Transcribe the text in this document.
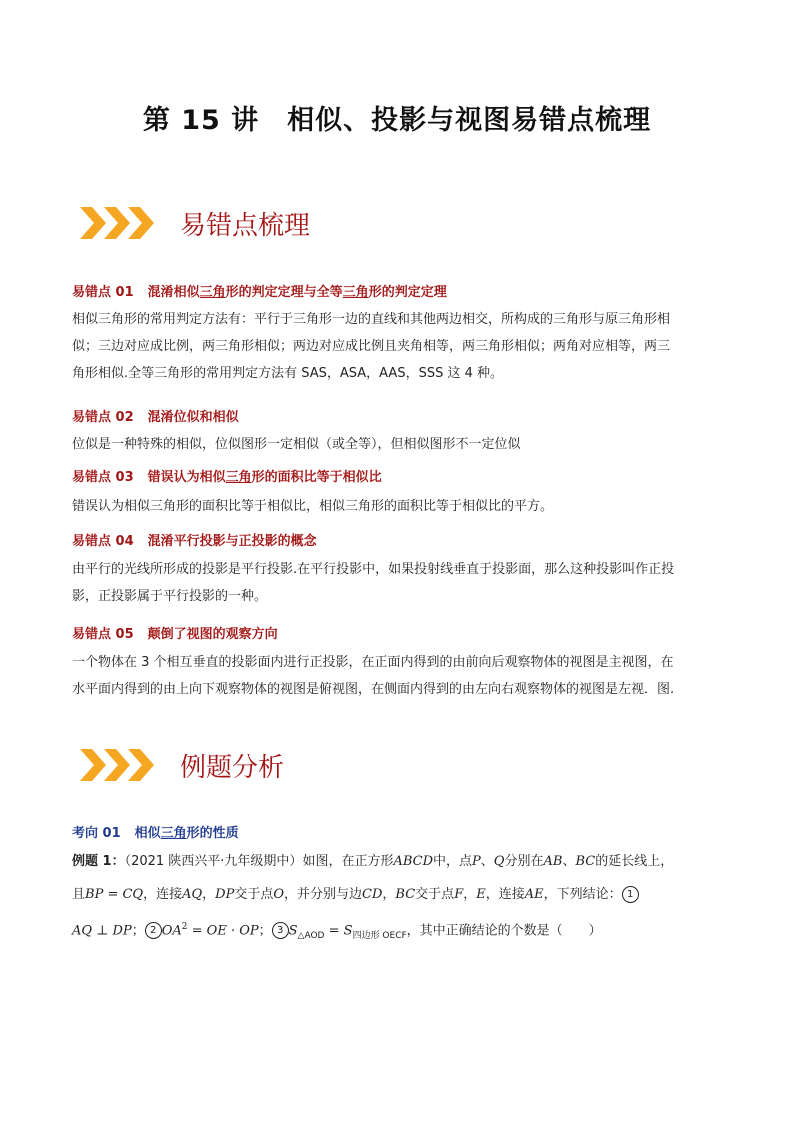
第 15 讲　相似、投影与视图易错点梳理
易错点梳理
易错点 01 混淆相似三角形的判定定理与全等三角形的判定定理
相似三角形的常用判定方法有：平行于三角形一边的直线和其他两边相交，所构成的三角形与原三角形相
似；三边对应成比例，两三角形相似；两边对应成比例且夹角相等，两三角形相似；两角对应相等，两三
角形相似.全等三角形的常用判定方法有 SAS，ASA，AAS，SSS 这 4 种。
易错点 02 混淆位似和相似
位似是一种特殊的相似，位似图形一定相似（或全等），但相似图形不一定位似
易错点 03 错误认为相似三角形的面积比等于相似比
错误认为相似三角形的面积比等于相似比，相似三角形的面积比等于相似比的平方。
易错点 04 混淆平行投影与正投影的概念
由平行的光线所形成的投影是平行投影.在平行投影中，如果投射线垂直于投影面，那么这种投影叫作正投
影，正投影属于平行投影的一种。
易错点 05 颠倒了视图的观察方向
一个物体在 3 个相互垂直的投影面内进行正投影，在正面内得到的由前向后观察物体的视图是主视图，在
水平面内得到的由上向下观察物体的视图是俯视图，在侧面内得到的由左向右观察物体的视图是左视．图.
例题分析
考向 01 相似三角形的性质
例题 1：（2021 陕西兴平·九年级期中）如图，在正方形ABCD中，点P、Q分别在AB、BC的延长线上，
且BP = CQ，连接AQ，DP交于点O，并分别与边CD，BC交于点F，E，连接AE，下列结论： 1
AQ ⊥ DP； 2 $OA^2$ = OE · OP； 3 $S_{\triangle AOD} = S_{四边形 OECF}$，其中正确结论的个数是（　　）
